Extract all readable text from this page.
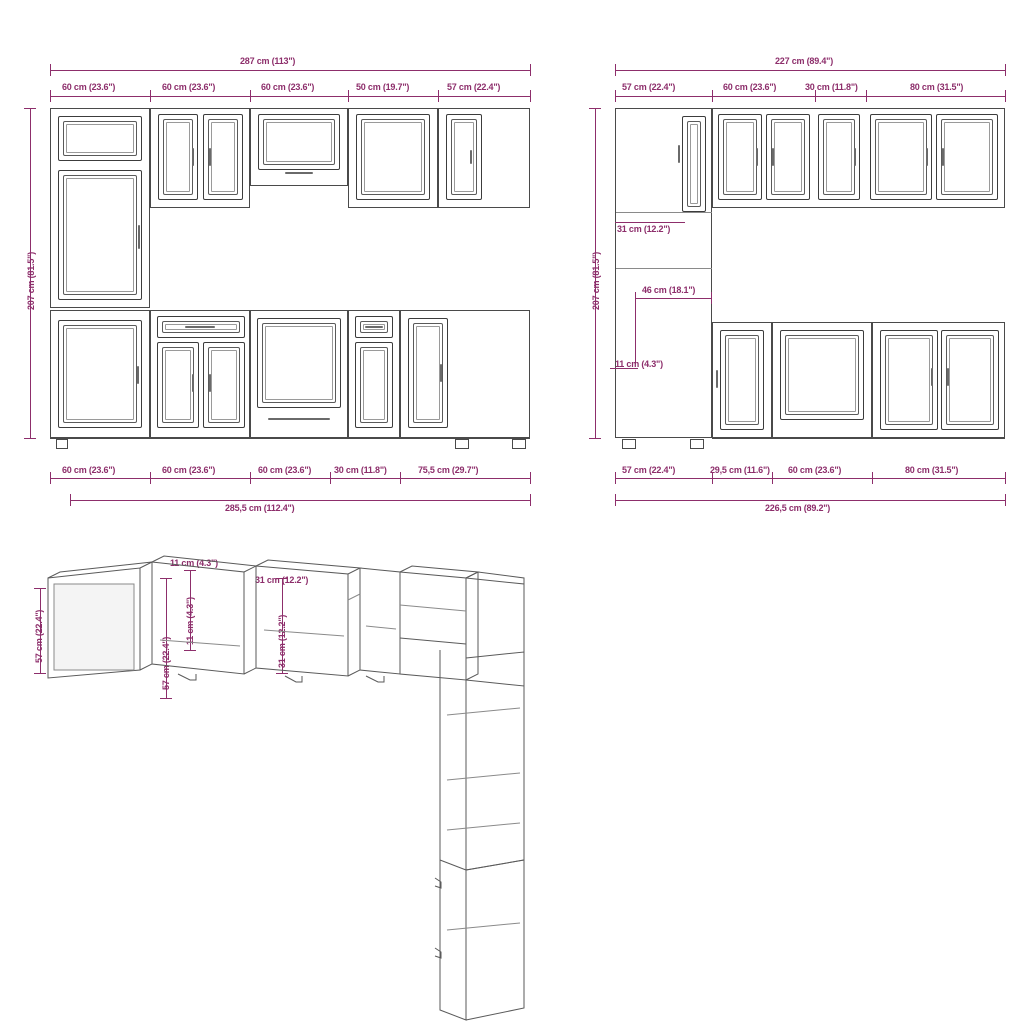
287 cm (113")
60 cm (23.6")	60 cm (23.6")	60 cm (23.6")	50 cm (19.7")	57 cm (22.4")
207 cm (81.5")
60 cm (23.6")	60 cm (23.6")	60 cm (23.6")	30 cm (11.8")	75,5 cm (29.7")
285,5 cm (112.4")
227 cm (89.4")
57 cm (22.4")	60 cm (23.6")	30 cm (11.8")	80 cm (31.5")
207 cm (81.5")
31 cm (12.2")
46 cm (18.1")
11 cm (4.3")
57 cm (22.4")	29,5 cm (11.6") 60 cm (23.6")	80 cm (31.5")
226,5 cm (89.2")
57 cm (22.4")
57 cm (22.4")
11 cm (4.3")
11 cm (4.3")
31 cm (12.2")
31 cm (12.2")
